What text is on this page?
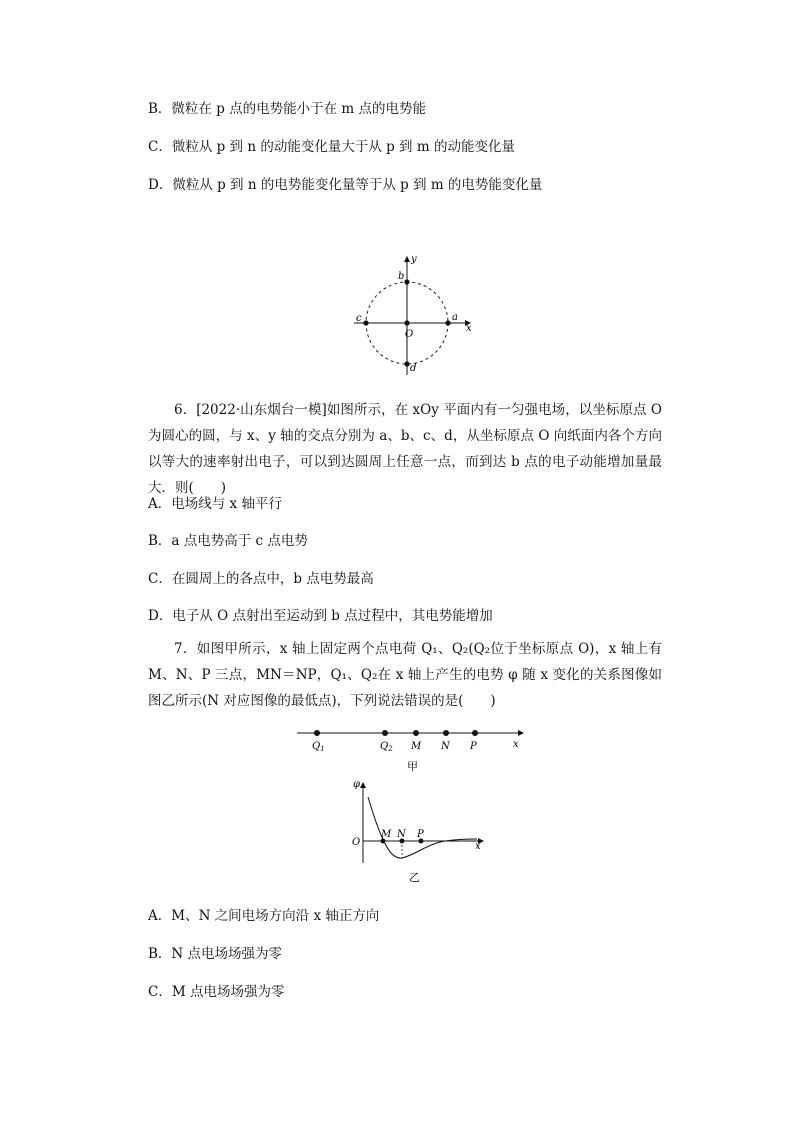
B．微粒在 p 点的电势能小于在 m 点的电势能
C．微粒从 p 到 n 的动能变化量大于从 p 到 m 的动能变化量
D．微粒从 p 到 n 的电势能变化量等于从 p 到 m 的电势能变化量
y
x
b
a
c
d
O
6．[2022·山东烟台一模]如图所示，在 xOy 平面内有一匀强电场，以坐标原点 O 为圆心的圆，与 x、y 轴的交点分别为 a、b、c、d，从坐标原点 O 向纸面内各个方向以等大的速率射出电子，可以到达圆周上任意一点，而到达 b 点的电子动能增加量最大．则(　　)
A．电场线与 x 轴平行
B．a 点电势高于 c 点电势
C．在圆周上的各点中，b 点电势最高
D．电子从 O 点射出至运动到 b 点过程中，其电势能增加
7．如图甲所示，x 轴上固定两个点电荷 Q₁、Q₂(Q₂位于坐标原点 O)，x 轴上有 M、N、P 三点，MN＝NP，Q₁、Q₂在 x 轴上产生的电势 φ 随 x 变化的关系图像如图乙所示(N 对应图像的最低点)，下列说法错误的是(　　)
$Q_1$	$Q_2$ M N P	x
甲
φ
O
M N P
x
乙
A．M、N 之间电场方向沿 x 轴正方向
B．N 点电场场强为零
C．M 点电场场强为零
